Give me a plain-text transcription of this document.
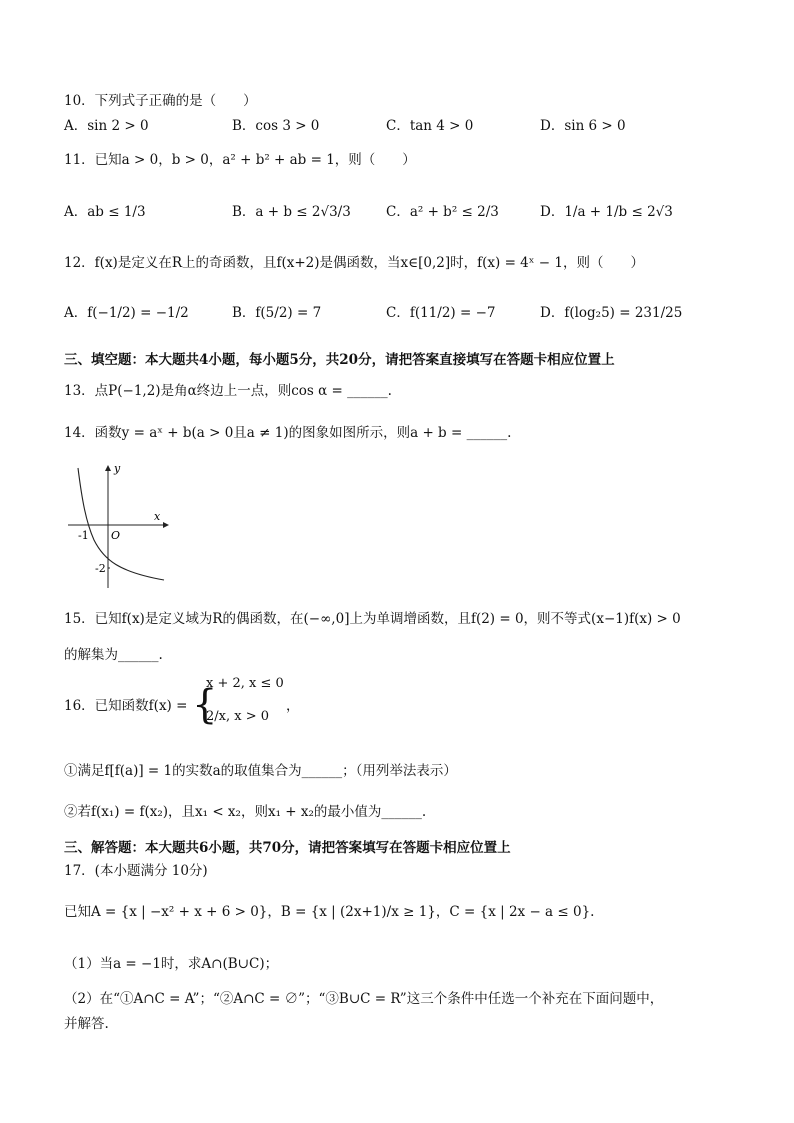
10．下列式子正确的是（　　）
A．sin 2 > 0	B．cos 3 > 0	C．tan 4 > 0	D．sin 6 > 0
11．已知a > 0，b > 0，a² + b² + ab = 1，则（　　）
A．ab ≤ 1/3	B．a + b ≤ 2√3/3	C．a² + b² ≤ 2/3	D．1/a + 1/b ≤ 2√3
12．f(x)是定义在R上的奇函数，且f(x+2)是偶函数，当x∈[0,2]时，f(x) = 4ˣ − 1，则（　　）
A．f(−1/2) = −1/2	B．f(5/2) = 7	C．f(11/2) = −7	D．f(log₂5) = 231/25
三、填空题：本大题共4小题，每小题5分，共20分，请把答案直接填写在答题卡相应位置上
13．点P(−1,2)是角α终边上一点，则cos α = ______.
14．函数y = aˣ + b(a > 0且a ≠ 1)的图象如图所示，则a + b = ______.
y
x
O
-1
-2
15．已知f(x)是定义域为R的偶函数，在(−∞,0]上为单调增函数，且f(2) = 0，则不等式(x−1)f(x) > 0
的解集为______.
16．已知函数f(x) = {
x + 2, x ≤ 0
2/x, x > 0
，
①满足f[f(a)] = 1的实数a的取值集合为______；（用列举法表示）
②若f(x₁) = f(x₂)，且x₁ < x₂，则x₁ + x₂的最小值为______.
三、解答题：本大题共6小题，共70分，请把答案填写在答题卡相应位置上
17．(本小题满分 10分)
已知A = {x | −x² + x + 6 > 0}，B = {x | (2x+1)/x ≥ 1}，C = {x | 2x − a ≤ 0}.
（1）当a = −1时，求A∩(B∪C)；
（2）在“①A∩C = A”；“②A∩C = ∅”；“③B∪C = R”这三个条件中任选一个补充在下面问题中，
并解答.
